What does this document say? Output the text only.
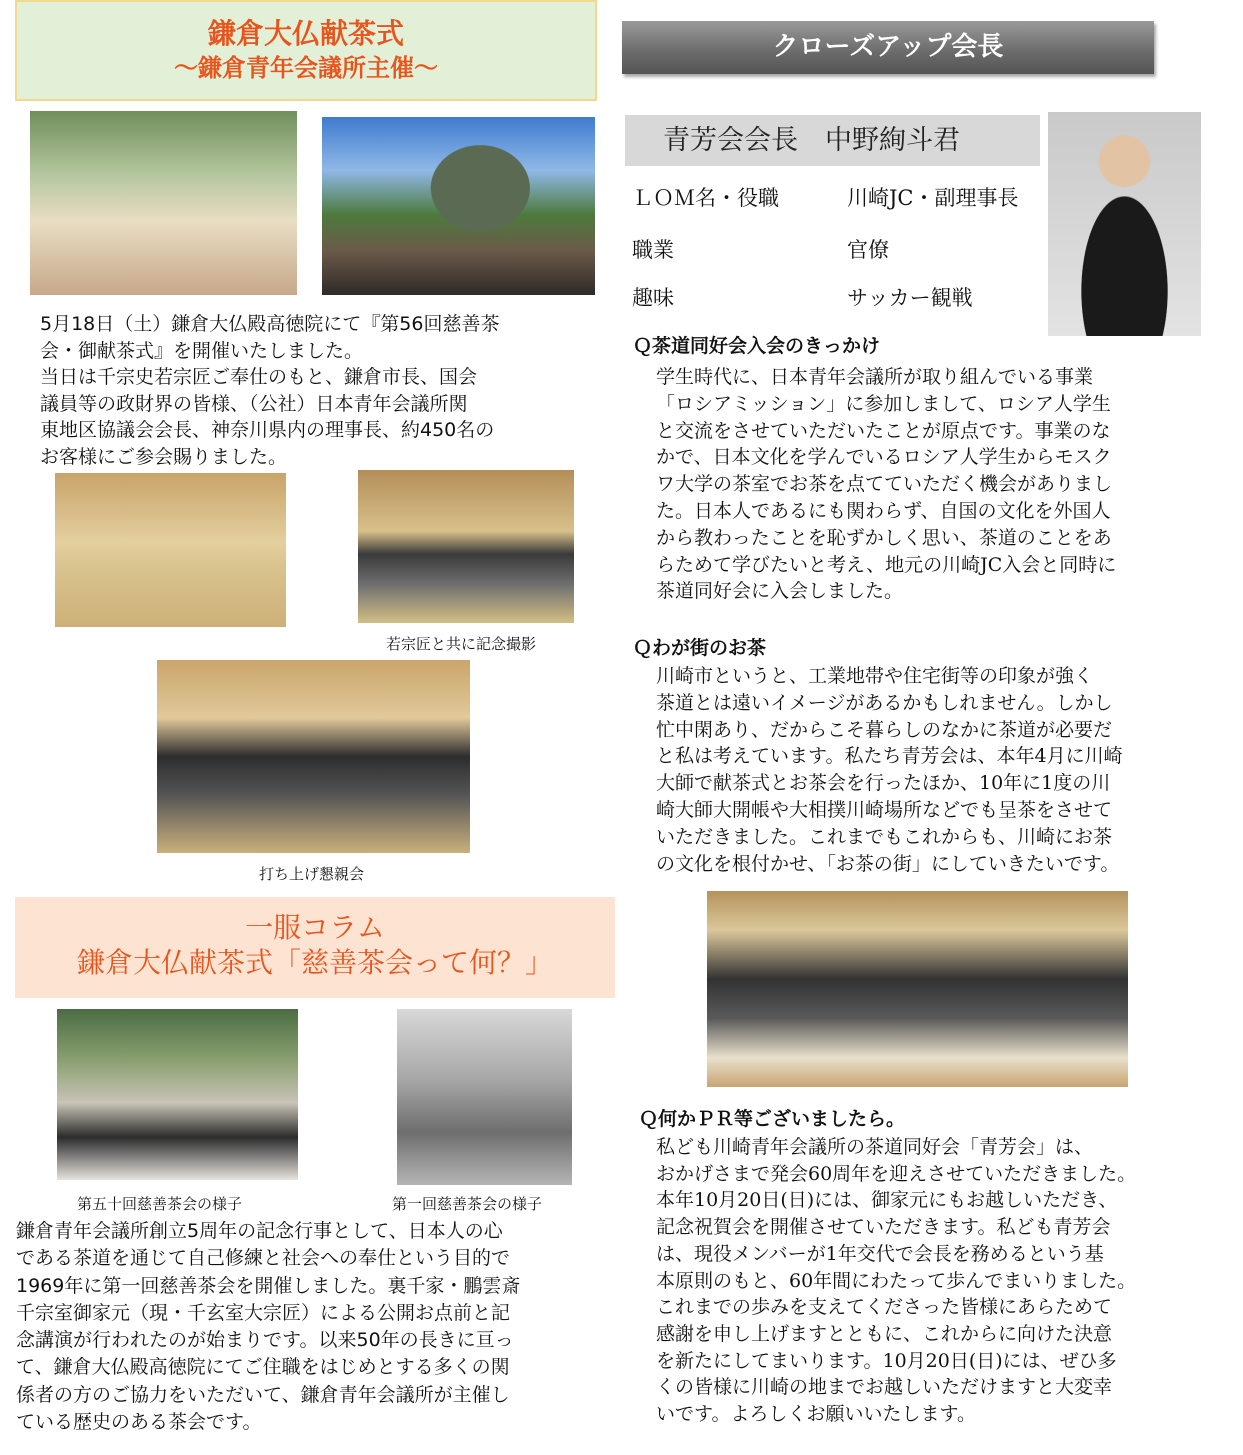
鎌倉大仏献茶式
～鎌倉青年会議所主催～
5月18日（土）鎌倉大仏殿高徳院にて『第56回慈善茶
会・御献茶式』を開催いたしました。
当日は千宗史若宗匠ご奉仕のもと、鎌倉市長、国会
議員等の政財界の皆様、（公社）日本青年会議所関
東地区協議会会長、神奈川県内の理事長、約450名の
お客様にご参会賜りました。
若宗匠と共に記念撮影
打ち上げ懇親会
一服コラム
鎌倉大仏献茶式「慈善茶会って何？」
第五十回慈善茶会の様子	第一回慈善茶会の様子
鎌倉青年会議所創立5周年の記念行事として、日本人の心
である茶道を通じて自己修練と社会への奉仕という目的で
1969年に第一回慈善茶会を開催しました。裏千家・鵬雲斎
千宗室御家元（現・千玄室大宗匠）による公開お点前と記
念講演が行われたのが始まりです。以来50年の長きに亘っ
て、鎌倉大仏殿高徳院にてご住職をはじめとする多くの関
係者の方のご協力をいただいて、鎌倉青年会議所が主催し
ている歴史のある茶会です。
クローズアップ会長
青芳会会長　中野絢斗君
ＬＯＭ名・役職	川崎JC・副理事長
職業	官僚
趣味	サッカー観戦
Ｑ茶道同好会入会のきっかけ
学生時代に、日本青年会議所が取り組んでいる事業
「ロシアミッション」に参加しまして、ロシア人学生
と交流をさせていただいたことが原点です。事業のな
かで、日本文化を学んでいるロシア人学生からモスク
ワ大学の茶室でお茶を点てていただく機会がありまし
た。日本人であるにも関わらず、自国の文化を外国人
から教わったことを恥ずかしく思い、茶道のことをあ
らためて学びたいと考え、地元の川崎JC入会と同時に
茶道同好会に入会しました。
Ｑわが街のお茶
川崎市というと、工業地帯や住宅街等の印象が強く
茶道とは遠いイメージがあるかもしれません。しかし
忙中閑あり、だからこそ暮らしのなかに茶道が必要だ
と私は考えています。私たち青芳会は、本年4月に川崎
大師で献茶式とお茶会を行ったほか、10年に1度の川
崎大師大開帳や大相撲川崎場所などでも呈茶をさせて
いただきました。これまでもこれからも、川崎にお茶
の文化を根付かせ、「お茶の街」にしていきたいです。
Ｑ何かＰＲ等ございましたら。
私ども川崎青年会議所の茶道同好会「青芳会」は、
おかげさまで発会60周年を迎えさせていただきました。
本年10月20日(日)には、御家元にもお越しいただき、
記念祝賀会を開催させていただきます。私ども青芳会
は、現役メンバーが1年交代で会長を務めるという基
本原則のもと、60年間にわたって歩んでまいりました。
これまでの歩みを支えてくださった皆様にあらためて
感謝を申し上げますとともに、これからに向けた決意
を新たにしてまいります。10月20日(日)には、ぜひ多
くの皆様に川崎の地までお越しいただけますと大変幸
いです。よろしくお願いいたします。
